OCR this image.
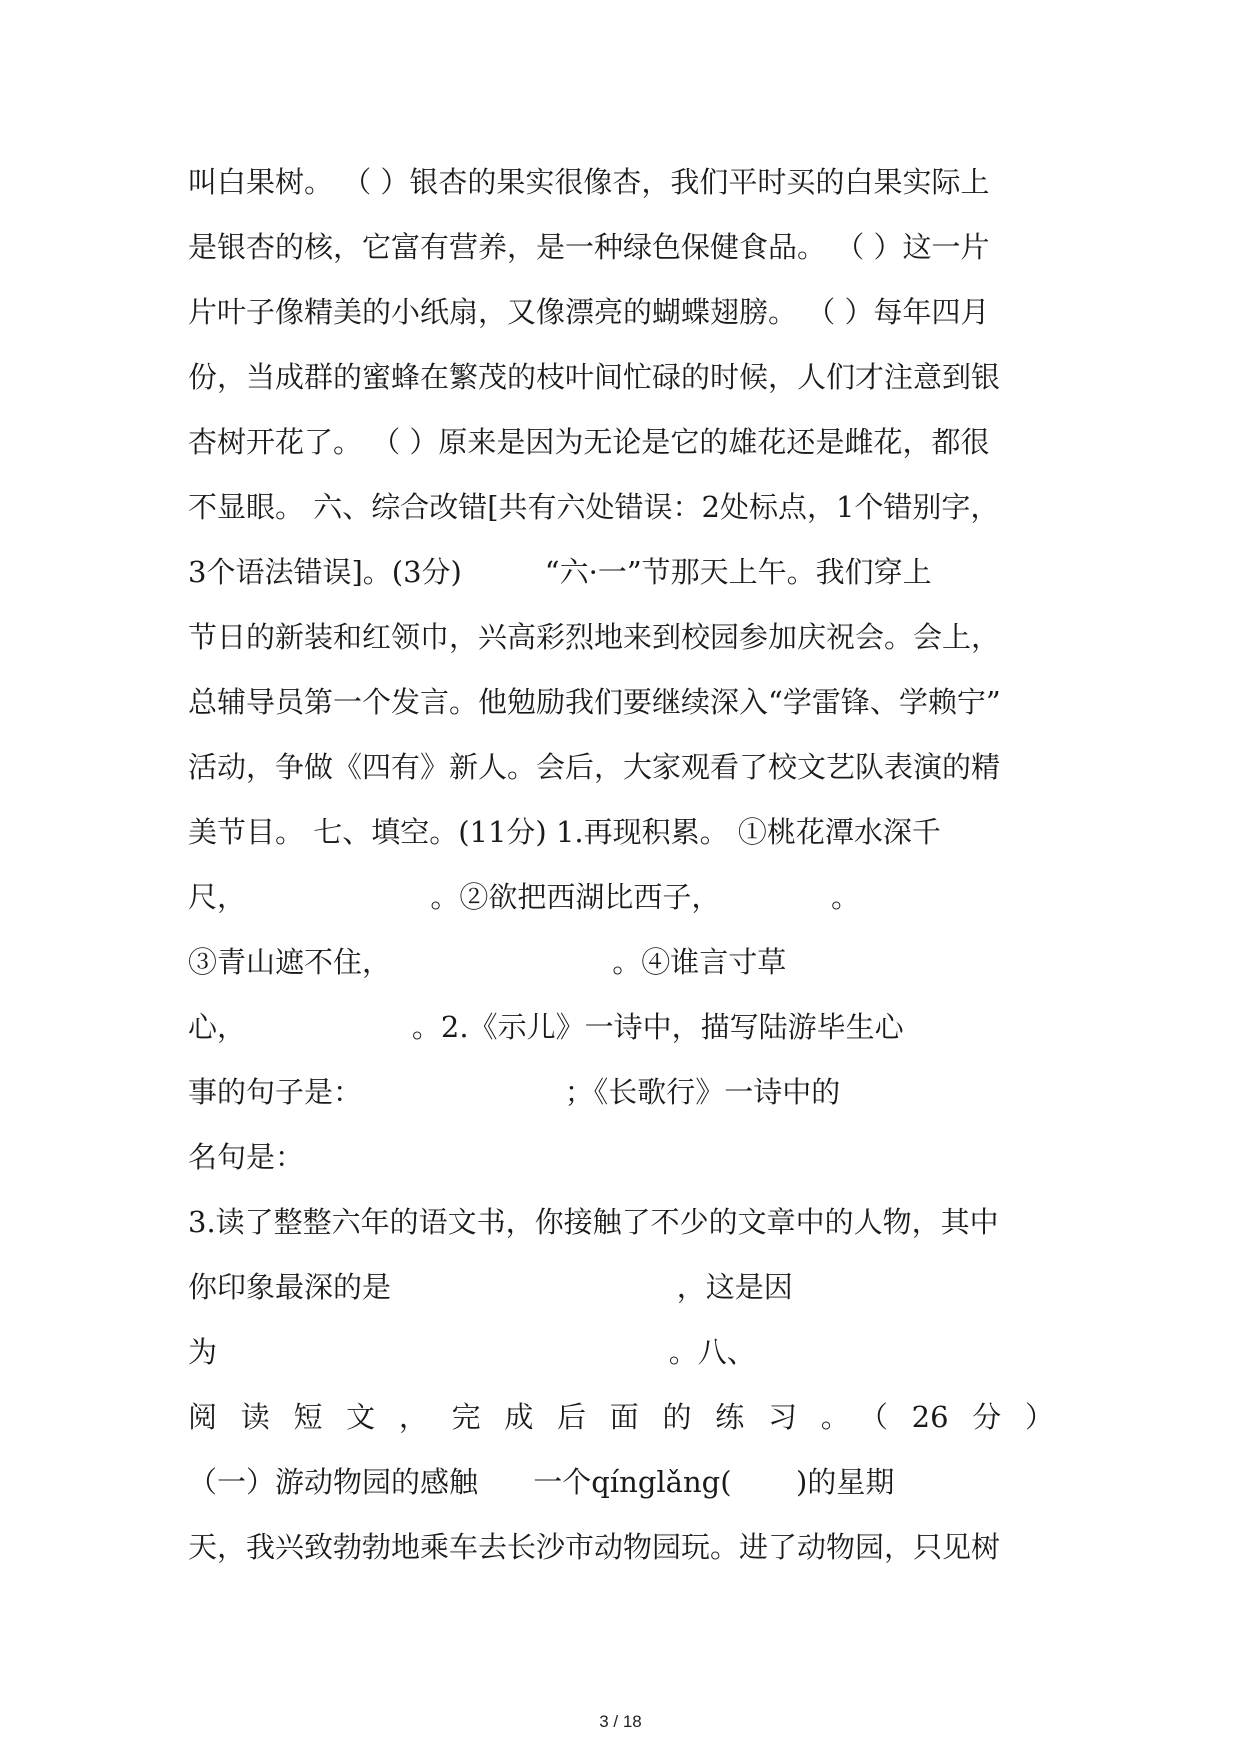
叫白果树。 （ ）银杏的果实很像杏，我们平时买的白果实际上
是银杏的核，它富有营养，是一种绿色保健食品。 （ ）这一片
片叶子像精美的小纸扇，又像漂亮的蝴蝶翅膀。 （ ）每年四月
份，当成群的蜜蜂在繁茂的枝叶间忙碌的时候，人们才注意到银
杏树开花了。 （ ）原来是因为无论是它的雄花还是雌花，都很
不显眼。 六、综合改错[共有六处错误：2处标点，1个错别字，
3个语法错误]。(3分)         “六·一”节那天上午。我们穿上
节日的新装和红领巾，兴高彩烈地来到校园参加庆祝会。会上，
总辅导员第一个发言。他勉励我们要继续深入“学雷锋、学赖宁”
活动，争做《四有》新人。会后，大家观看了校文艺队表演的精
美节目。 七、填空。(11分) 1.再现积累。 ①桃花潭水深千
尺，                    。②欲把西湖比西子，            。
③青山遮不住，                        。④谁言寸草
心，                  。2.《示儿》一诗中，描写陆游毕生心
事的句子是：                      ；《长歌行》一诗中的
名句是：
3.读了整整六年的语文书，你接触了不少的文章中的人物，其中
你印象最深的是                               ，这是因
为                                                 。八、
阅读短文，完成后面的练习。（26分）
（一）游动物园的感触      一个qínglǎng(       )的星期
天，我兴致勃勃地乘车去长沙市动物园玩。进了动物园，只见树
3 / 18
